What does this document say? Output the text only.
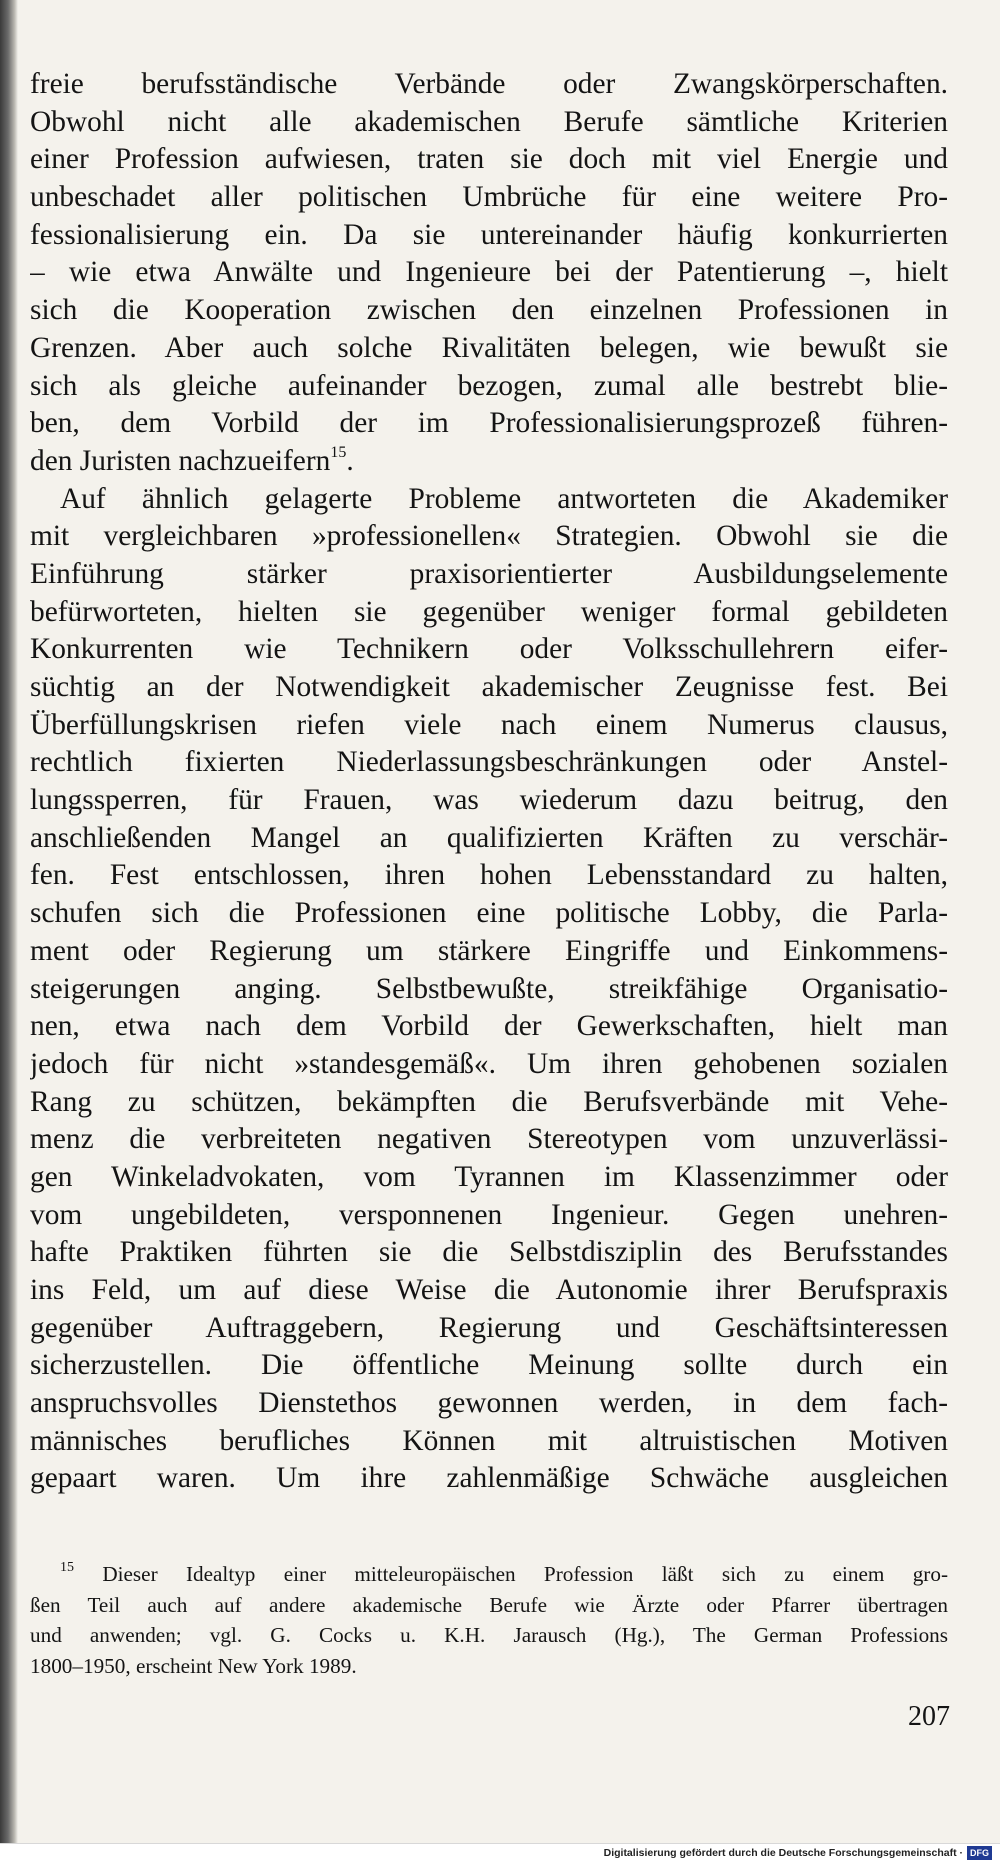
freie berufsständische Verbände oder Zwangskörperschaften.
Obwohl nicht alle akademischen Berufe sämtliche Kriterien
einer Profession aufwiesen, traten sie doch mit viel Energie und
unbeschadet aller politischen Umbrüche für eine weitere Pro-
fessionalisierung ein. Da sie untereinander häufig konkurrierten
– wie etwa Anwälte und Ingenieure bei der Patentierung –, hielt
sich die Kooperation zwischen den einzelnen Professionen in
Grenzen. Aber auch solche Rivalitäten belegen, wie bewußt sie
sich als gleiche aufeinander bezogen, zumal alle bestrebt blie-
ben, dem Vorbild der im Professionalisierungsprozeß führen-
den Juristen nachzueifern$^{15}$.
Auf ähnlich gelagerte Probleme antworteten die Akademiker
mit vergleichbaren »professionellen« Strategien. Obwohl sie die
Einführung stärker praxisorientierter Ausbildungselemente
befürworteten, hielten sie gegenüber weniger formal gebildeten
Konkurrenten wie Technikern oder Volksschullehrern eifer-
süchtig an der Notwendigkeit akademischer Zeugnisse fest. Bei
Überfüllungskrisen riefen viele nach einem Numerus clausus,
rechtlich fixierten Niederlassungsbeschränkungen oder Anstel-
lungssperren, für Frauen, was wiederum dazu beitrug, den
anschließenden Mangel an qualifizierten Kräften zu verschär-
fen. Fest entschlossen, ihren hohen Lebensstandard zu halten,
schufen sich die Professionen eine politische Lobby, die Parla-
ment oder Regierung um stärkere Eingriffe und Einkommens-
steigerungen anging. Selbstbewußte, streikfähige Organisatio-
nen, etwa nach dem Vorbild der Gewerkschaften, hielt man
jedoch für nicht »standesgemäß«. Um ihren gehobenen sozialen
Rang zu schützen, bekämpften die Berufsverbände mit Vehe-
menz die verbreiteten negativen Stereotypen vom unzuverlässi-
gen Winkeladvokaten, vom Tyrannen im Klassenzimmer oder
vom ungebildeten, versponnenen Ingenieur. Gegen unehren-
hafte Praktiken führten sie die Selbstdisziplin des Berufsstandes
ins Feld, um auf diese Weise die Autonomie ihrer Berufspraxis
gegenüber Auftraggebern, Regierung und Geschäftsinteressen
sicherzustellen. Die öffentliche Meinung sollte durch ein
anspruchsvolles Dienstethos gewonnen werden, in dem fach-
männisches berufliches Können mit altruistischen Motiven
gepaart waren. Um ihre zahlenmäßige Schwäche ausgleichen
$^{15}$ Dieser Idealtyp einer mitteleuropäischen Profession läßt sich zu einem gro-
ßen Teil auch auf andere akademische Berufe wie Ärzte oder Pfarrer übertragen
und anwenden; vgl. G. Cocks u. K.H. Jarausch (Hg.), The German Professions
1800–1950, erscheint New York 1989.
207
Digitalisierung gefördert durch die Deutsche Forschungsgemeinschaft · DFG
